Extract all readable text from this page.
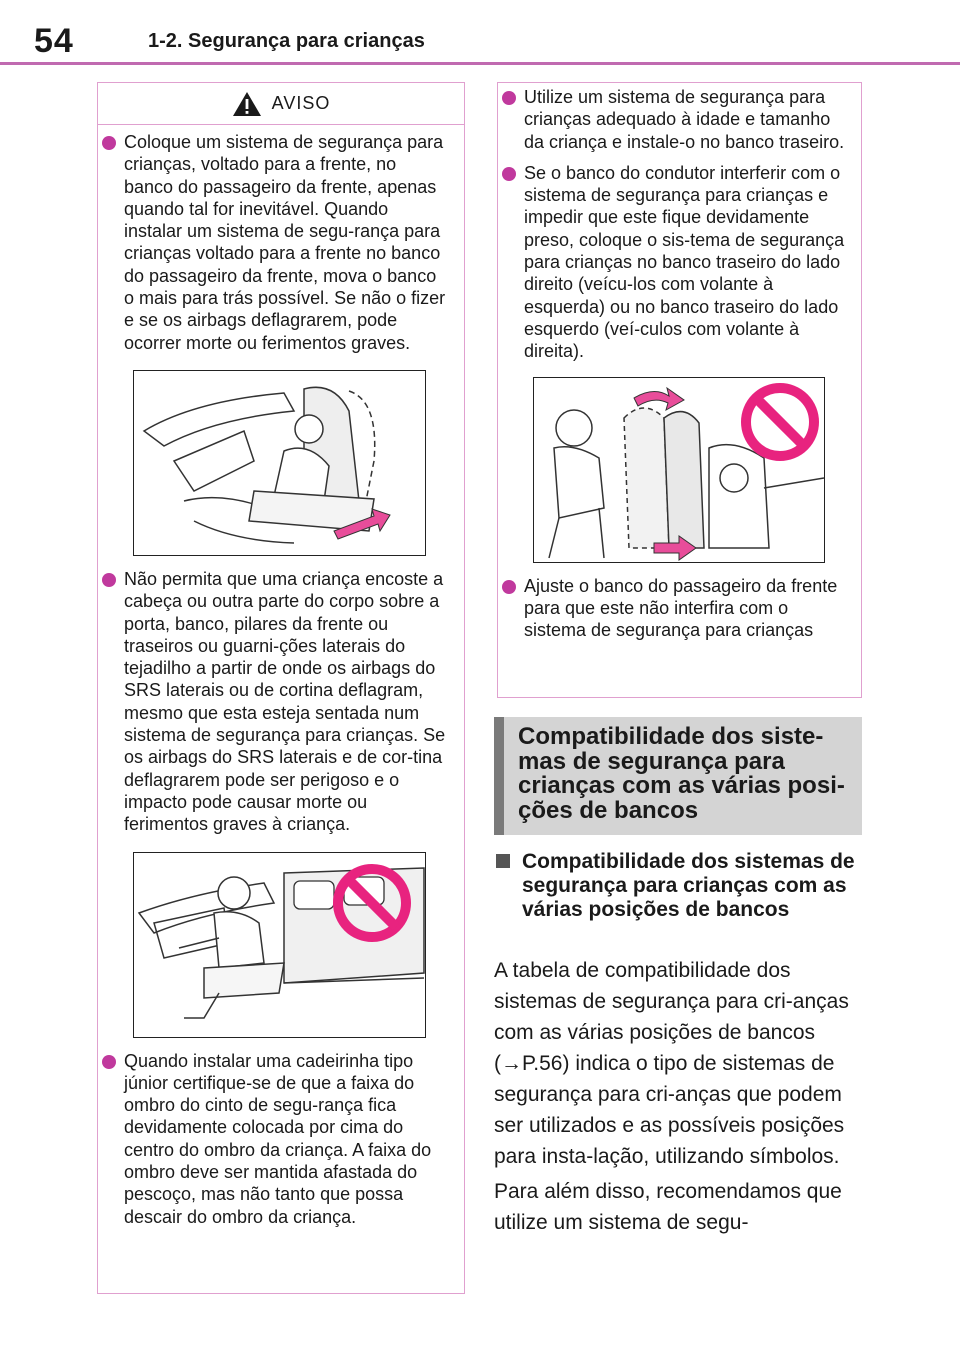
54	1-2. Segurança para crianças
AVISO
Coloque um sistema de segurança para crianças, voltado para a frente, no banco do passageiro da frente, apenas quando tal for inevitável. Quando instalar um sistema de segu-rança para crianças voltado para a frente no banco do passageiro da frente, mova o banco o mais para trás possível. Se não o fizer e se os airbags deflagrarem, pode ocorrer morte ou ferimentos graves.
Não permita que uma criança encoste a cabeça ou outra parte do corpo sobre a porta, banco, pilares da frente ou traseiros ou guarni-ções laterais do tejadilho a partir de onde os airbags do SRS laterais ou de cortina deflagram, mesmo que esta esteja sentada num sistema de segurança para crianças. Se os airbags do SRS laterais e de cor-tina deflagrarem pode ser perigoso e o impacto pode causar morte ou ferimentos graves à criança.
Quando instalar uma cadeirinha tipo júnior certifique-se de que a faixa do ombro do cinto de segu-rança fica devidamente colocada por cima do centro do ombro da criança. A faixa do ombro deve ser mantida afastada do pescoço, mas não tanto que possa descair do ombro da criança.
Utilize um sistema de segurança para crianças adequado à idade e tamanho da criança e instale-o no banco traseiro.
Se o banco do condutor interferir com o sistema de segurança para crianças e impedir que este fique devidamente preso, coloque o sis-tema de segurança para crianças no banco traseiro do lado direito (veícu-los com volante à esquerda) ou no banco traseiro do lado esquerdo (veí-culos com volante à direita).
Ajuste o banco do passageiro da frente para que este não interfira com o sistema de segurança para crianças
Compatibilidade dos siste-mas de segurança para crianças com as várias posi-ções de bancos
Compatibilidade dos sistemas de segurança para crianças com as várias posições de bancos

A tabela de compatibilidade dos sistemas de segurança para cri-anças com as várias posições de bancos (→P.56) indica o tipo de sistemas de segurança para cri-anças que podem ser utilizados e as possíveis posições para insta-lação, utilizando símbolos.

Para além disso, recomendamos que utilize um sistema de segu-
